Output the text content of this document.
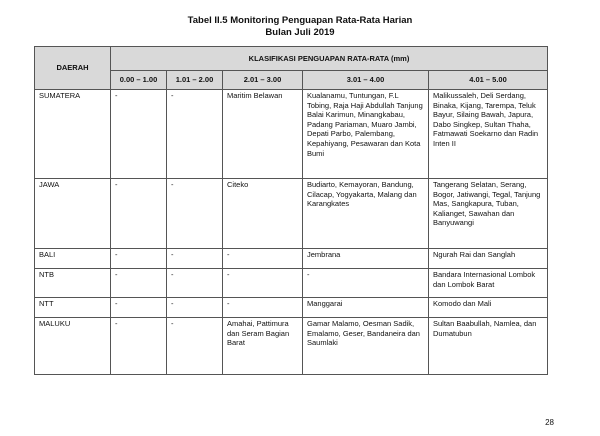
Tabel II.5 Monitoring Penguapan Rata-Rata Harian
Bulan Juli 2019
DAERAH	KLASIFIKASI PENGUAPAN RATA-RATA (mm)				
	0.00 – 1.00	1.01 – 2.00	2.01 – 3.00	3.01 – 4.00	4.01 – 5.00
SUMATERA	-	-	Maritim Belawan	Kualanamu, Tuntungan, F.L Tobing, Raja Haji Abdullah Tanjung Balai Karimun, Minangkabau, Padang Pariaman, Muaro Jambi, Depati Parbo, Palembang, Kepahiyang, Pesawaran dan Kota Bumi	Malikussaleh, Deli Serdang, Binaka, Kijang, Tarempa, Teluk Bayur, Silaing Bawah, Japura, Dabo Singkep, Sultan Thaha, Fatmawati Soekarno dan Radin Inten II
JAWA	-	-	Citeko	Budiarto, Kemayoran, Bandung, Cilacap, Yogyakarta, Malang dan Karangkates	Tangerang Selatan, Serang, Bogor, Jatiwangi, Tegal, Tanjung Mas, Sangkapura, Tuban, Kalianget, Sawahan dan Banyuwangi
BALI	-	-	-	Jembrana	Ngurah Rai dan Sanglah
NTB	-	-	-	-	Bandara Internasional Lombok dan Lombok Barat
NTT	-	-	-	Manggarai	Komodo dan Mali
MALUKU	-	-	Amahai, Pattimura dan Seram Bagian Barat	Gamar Malamo, Oesman Sadik, Emalamo, Geser, Bandaneira dan Saumlaki	Sultan Baabullah, Namlea, dan Dumatubun
28
